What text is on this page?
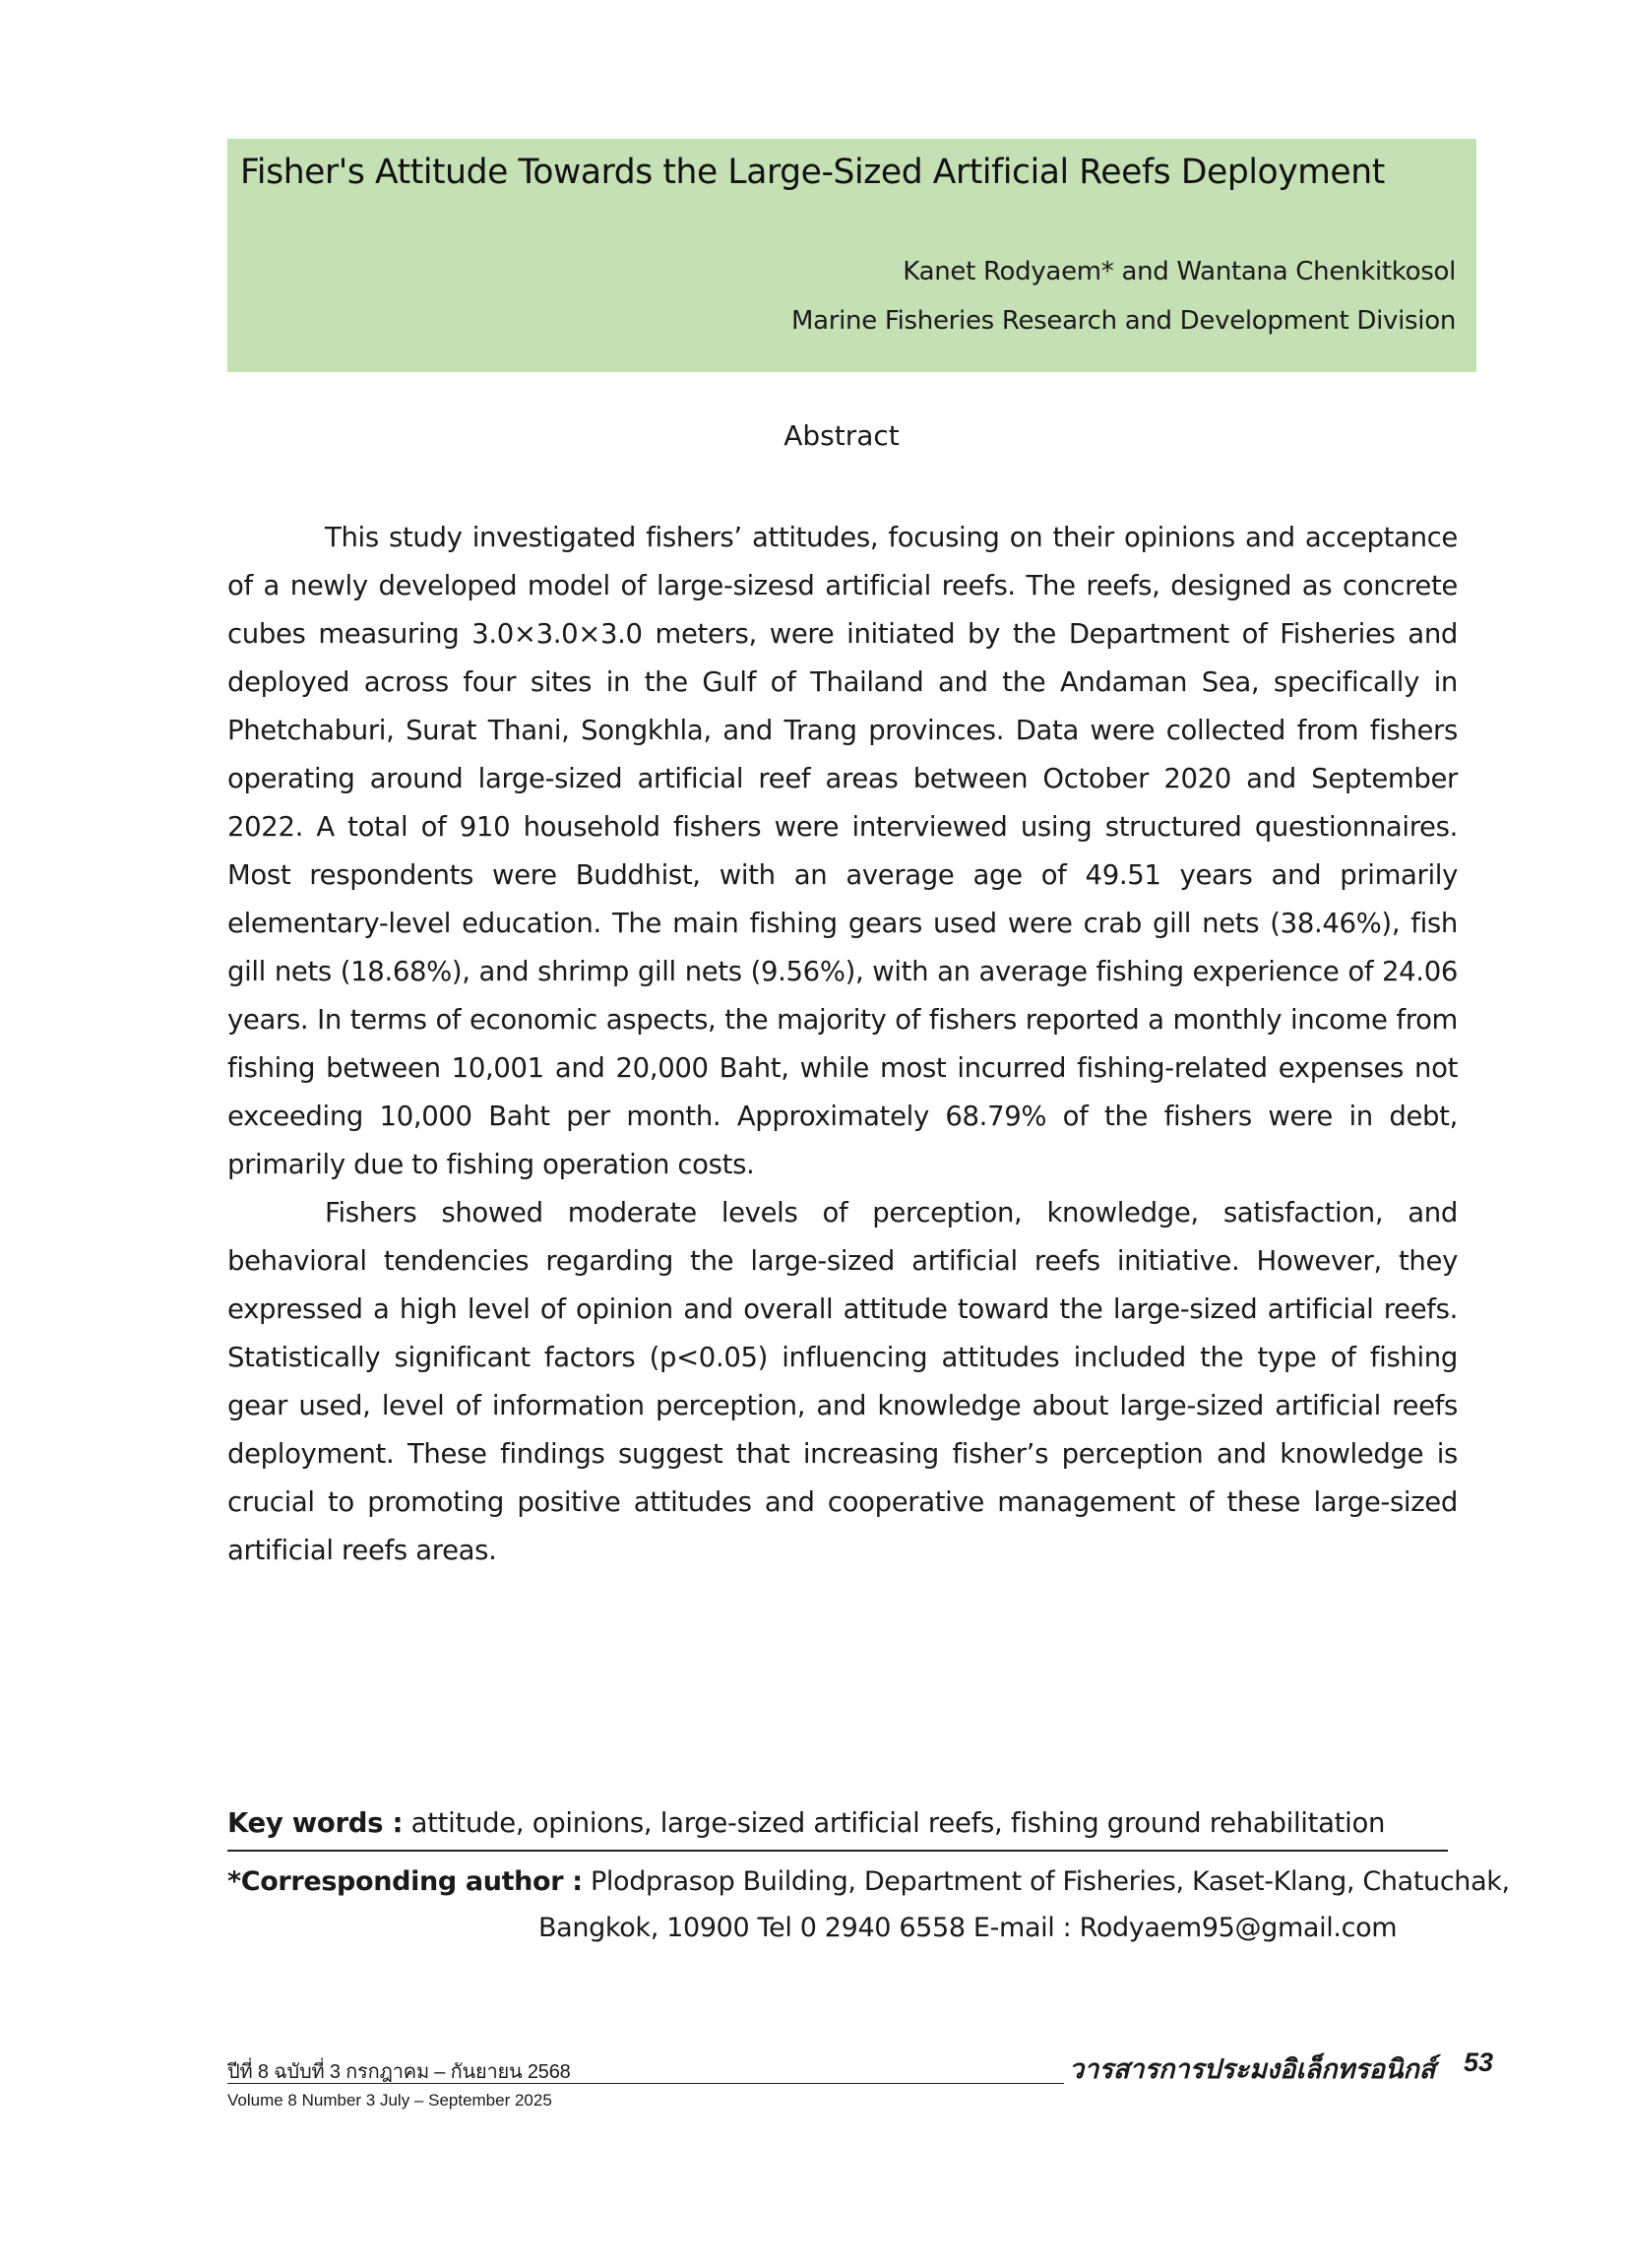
Fisher's Attitude Towards the Large-Sized Artificial Reefs Deployment
Kanet Rodyaem* and Wantana Chenkitkosol
Marine Fisheries Research and Development Division
Abstract

This study investigated fishers’ attitudes, focusing on their opinions and acceptance of a newly developed model of large-sizesd artificial reefs. The reefs, designed as concrete cubes measuring 3.0×3.0×3.0 meters, were initiated by the Department of Fisheries and deployed across four sites in the Gulf of Thailand and the Andaman Sea, specifically in Phetchaburi, Surat Thani, Songkhla, and Trang provinces. Data were collected from fishers operating around large-sized artificial reef areas between October 2020 and September 2022. A total of 910 household fishers were interviewed using structured questionnaires. Most respondents were Buddhist, with an average age of 49.51 years and primarily elementary-level education. The main fishing gears used were crab gill nets (38.46%), fish gill nets (18.68%), and shrimp gill nets (9.56%), with an average fishing experience of 24.06 years. In terms of economic aspects, the majority of fishers reported a monthly income from fishing between 10,001 and 20,000 Baht, while most incurred fishing-related expenses not exceeding 10,000 Baht per month. Approximately 68.79% of the fishers were in debt, primarily due to fishing operation costs.

Fishers showed moderate levels of perception, knowledge, satisfaction, and behavioral tendencies regarding the large-sized artificial reefs initiative. However, they expressed a high level of opinion and overall attitude toward the large-sized artificial reefs. Statistically significant factors (p<0.05) influencing attitudes included the type of fishing gear used, level of information perception, and knowledge about large-sized artificial reefs deployment. These findings suggest that increasing fisher’s perception and knowledge is crucial to promoting positive attitudes and cooperative management of these large-sized artificial reefs areas.

Key words : attitude, opinions, large-sized artificial reefs, fishing ground rehabilitation
*Corresponding author : Plodprasop Building, Department of Fisheries, Kaset-Klang, Chatuchak,
Bangkok, 10900 Tel 0 2940 6558 E-mail : Rodyaem95@gmail.com
ปีที่ 8 ฉบับที่ 3 กรกฎาคม – กันยายน 2568
Volume 8 Number 3 July – September 2025
วารสารการประมงอิเล็กทรอนิกส์ 53
